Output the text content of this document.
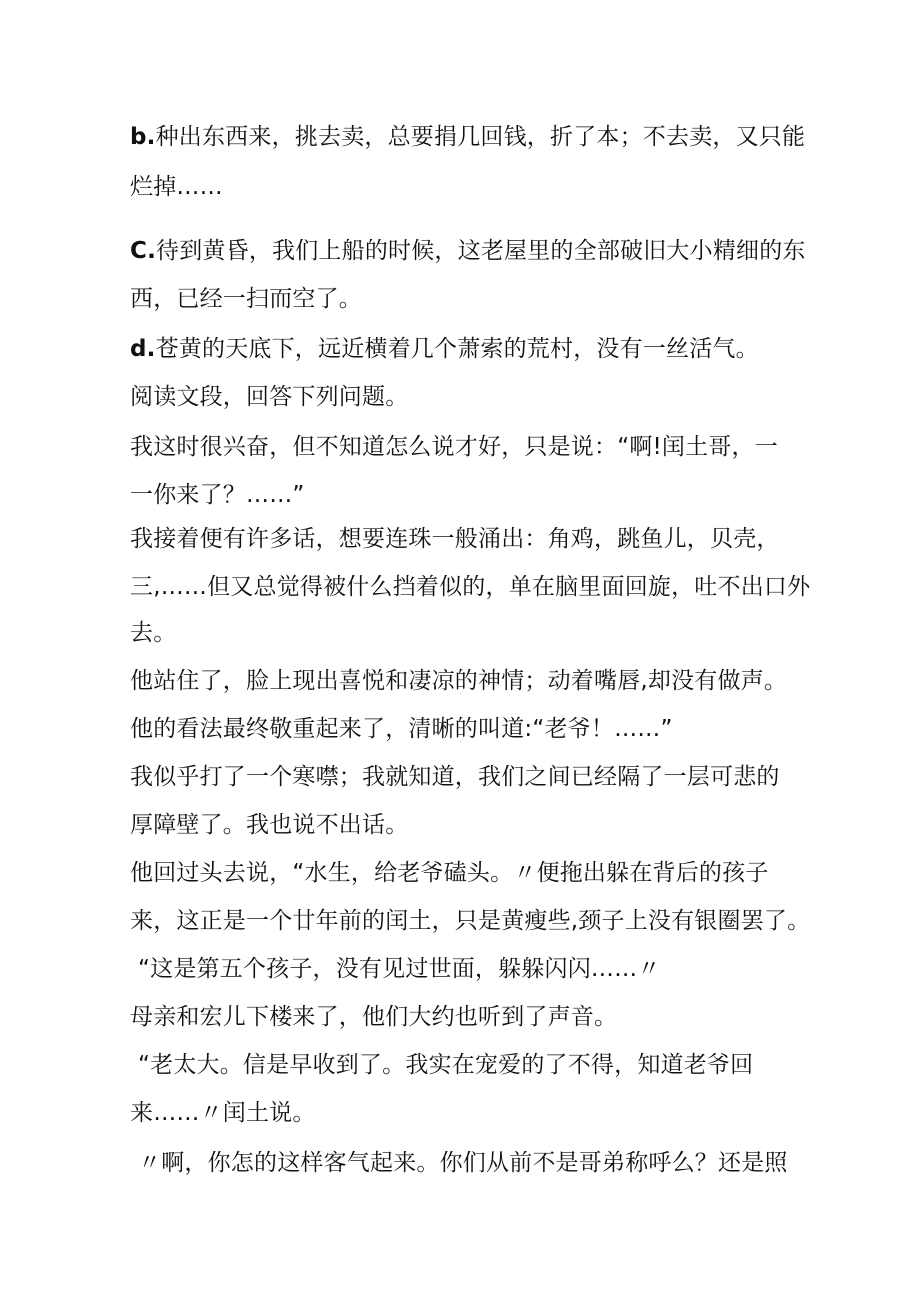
b.种出东西来，挑去卖，总要捐几回钱，折了本；不去卖，又只能

烂掉……

C.待到黄昏，我们上船的时候，这老屋里的全部破旧大小精细的东

西，已经一扫而空了。

d.苍黄的天底下，远近横着几个萧索的荒村，没有一丝活气。

阅读文段，回答下列问题。

我这时很兴奋，但不知道怎么说才好，只是说：“啊!闰土哥，一

一你来了？……”

我接着便有许多话，想要连珠一般涌出：角鸡，跳鱼儿，贝壳，

三,……但又总觉得被什么挡着似的，单在脑里面回旋，吐不出口外

去。

他站住了，脸上现出喜悦和凄凉的神情；动着嘴唇,却没有做声。

他的看法最终敬重起来了，清晰的叫道:“老爷！……”

我似乎打了一个寒噤；我就知道，我们之间已经隔了一层可悲的

厚障壁了。我也说不出话。

他回过头去说，“水生，给老爷磕头。〃便拖出躲在背后的孩子

来，这正是一个廿年前的闰土，只是黄瘦些,颈子上没有银圈罢了。

“这是第五个孩子，没有见过世面，躲躲闪闪……〃

母亲和宏儿下楼来了，他们大约也听到了声音。

“老太大。信是早收到了。我实在宠爱的了不得，知道老爷回

来……〃闰土说。

〃啊，你怎的这样客气起来。你们从前不是哥弟称呼么？还是照
